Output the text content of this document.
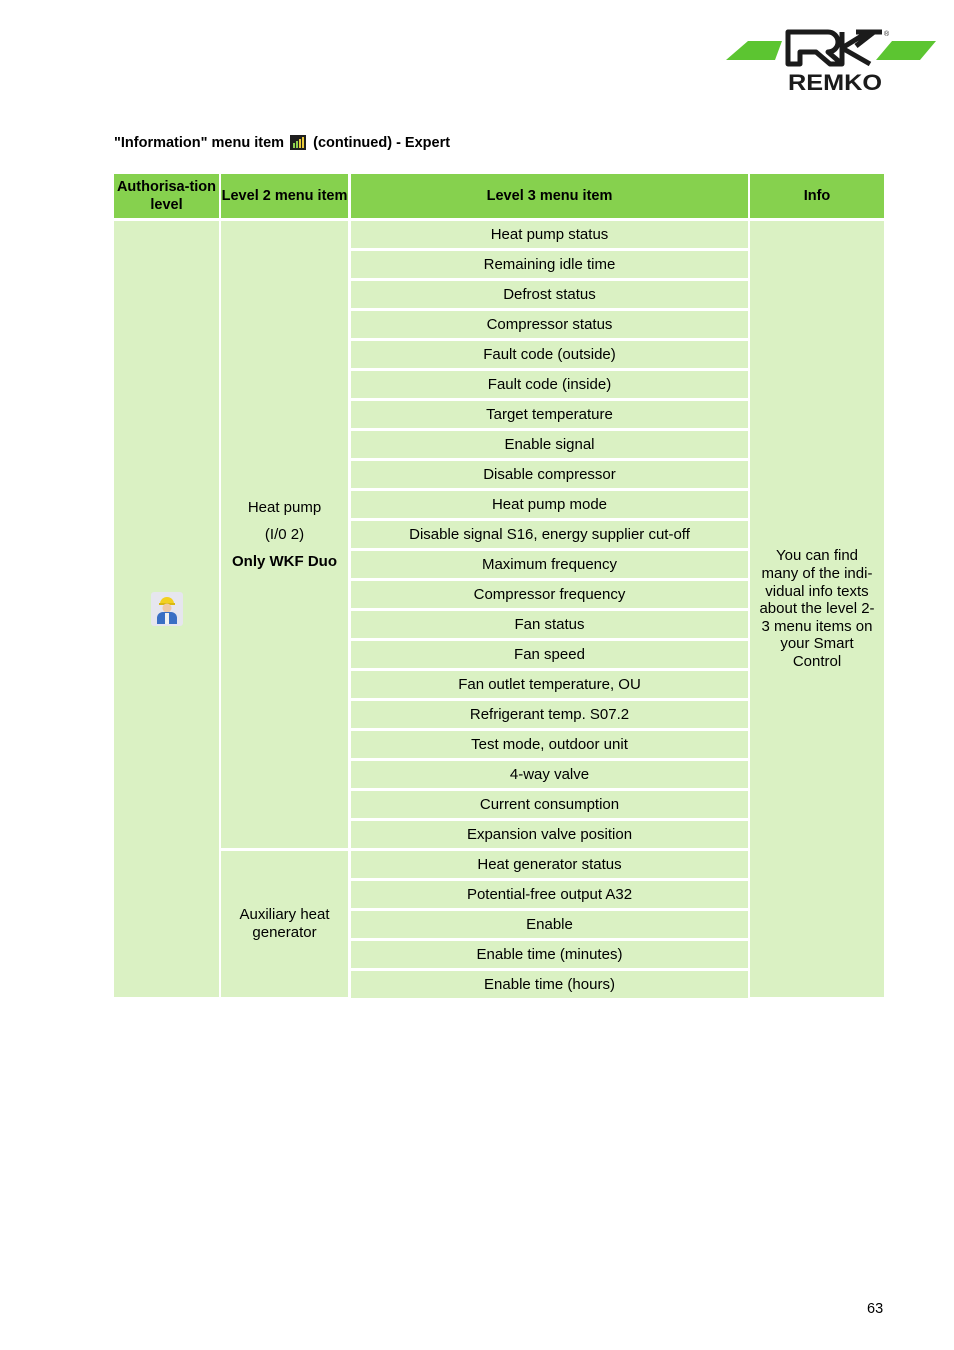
REMKO
®
"Information" menu item (continued) - Expert
Authorisa-tion level
Level 2 menu item	Level 3 menu item	Info
Heat pump
(I/0 2)
Only WKF Duo
Auxiliary heat generator
Heat pump status
Remaining idle time
Defrost status
Compressor status
Fault code (outside)
Fault code (inside)
Target temperature
Enable signal
Disable compressor
Heat pump mode
Disable signal S16, energy supplier cut-off
Maximum frequency
Compressor frequency
Fan status
Fan speed
Fan outlet temperature, OU
Refrigerant temp. S07.2
Test mode, outdoor unit
4-way valve
Current consumption
Expansion valve position
Heat generator status
Potential-free output A32
Enable
Enable time (minutes)
Enable time (hours)
You can find many of the indi-vidual info texts about the level 2-3 menu items on your Smart Control
63
